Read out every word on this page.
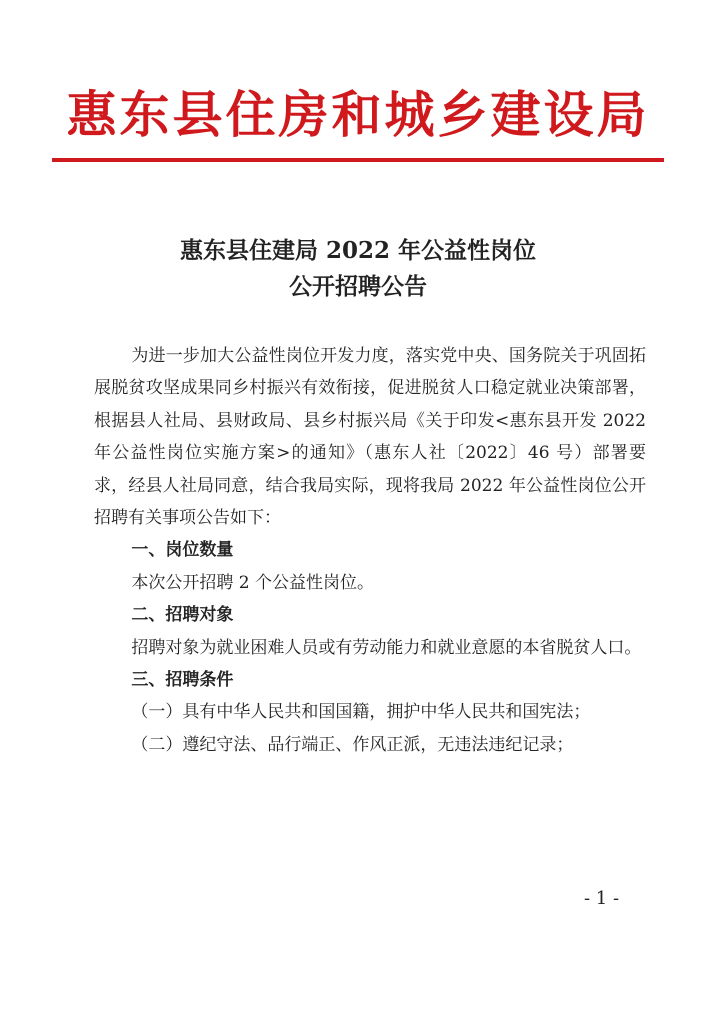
惠东县住房和城乡建设局
惠东县住建局 2022 年公益性岗位
公开招聘公告

为进一步加大公益性岗位开发力度，落实党中央、国务院关于巩固拓展脱贫攻坚成果同乡村振兴有效衔接，促进脱贫人口稳定就业决策部署，根据县人社局、县财政局、县乡村振兴局《关于印发<惠东县开发 2022 年公益性岗位实施方案>的通知》（惠东人社〔2022〕46 号）部署要求，经县人社局同意，结合我局实际，现将我局 2022 年公益性岗位公开招聘有关事项公告如下：

一、岗位数量

本次公开招聘 2 个公益性岗位。

二、招聘对象

招聘对象为就业困难人员或有劳动能力和就业意愿的本省脱贫人口。

三、招聘条件

（一）具有中华人民共和国国籍，拥护中华人民共和国宪法；

（二）遵纪守法、品行端正、作风正派，无违法违纪记录；

- 1 -
